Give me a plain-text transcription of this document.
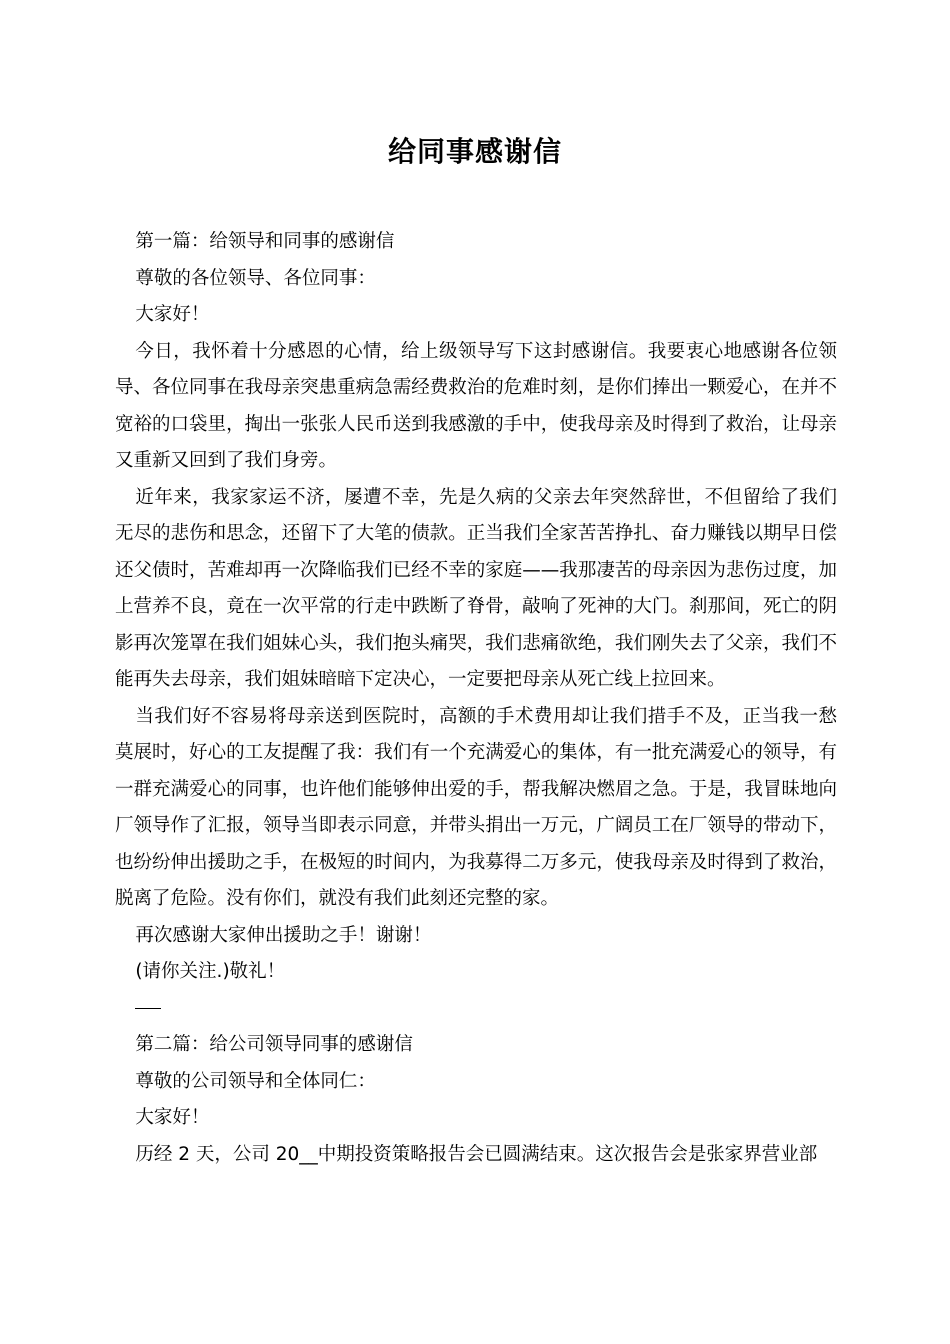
给同事感谢信

第一篇：给领导和同事的感谢信

尊敬的各位领导、各位同事：

大家好！

今日，我怀着十分感恩的心情，给上级领导写下这封感谢信。我要衷心地感谢各位领导、各位同事在我母亲突患重病急需经费救治的危难时刻，是你们捧出一颗爱心，在并不宽裕的口袋里，掏出一张张人民币送到我感激的手中，使我母亲及时得到了救治，让母亲又重新又回到了我们身旁。

近年来，我家家运不济，屡遭不幸，先是久病的父亲去年突然辞世，不但留给了我们无尽的悲伤和思念，还留下了大笔的债款。正当我们全家苦苦挣扎、奋力赚钱以期早日偿还父债时，苦难却再一次降临我们已经不幸的家庭——我那凄苦的母亲因为悲伤过度，加上营养不良，竟在一次平常的行走中跌断了脊骨，敲响了死神的大门。刹那间，死亡的阴影再次笼罩在我们姐妹心头，我们抱头痛哭，我们悲痛欲绝，我们刚失去了父亲，我们不能再失去母亲，我们姐妹暗暗下定决心，一定要把母亲从死亡线上拉回来。

当我们好不容易将母亲送到医院时，高额的手术费用却让我们措手不及，正当我一愁莫展时，好心的工友提醒了我：我们有一个充满爱心的集体，有一批充满爱心的领导，有一群充满爱心的同事，也许他们能够伸出爱的手，帮我解决燃眉之急。于是，我冒昧地向厂领导作了汇报，领导当即表示同意，并带头捐出一万元，广阔员工在厂领导的带动下，也纷纷伸出援助之手，在极短的时间内，为我募得二万多元，使我母亲及时得到了救治，脱离了危险。没有你们，就没有我们此刻还完整的家。

再次感谢大家伸出援助之手！谢谢！

(请你关注.)敬礼！

第二篇：给公司领导同事的感谢信

尊敬的公司领导和全体同仁：

大家好！

历经 2 天，公司 20__中期投资策略报告会已圆满结束。这次报告会是张家界营业部
